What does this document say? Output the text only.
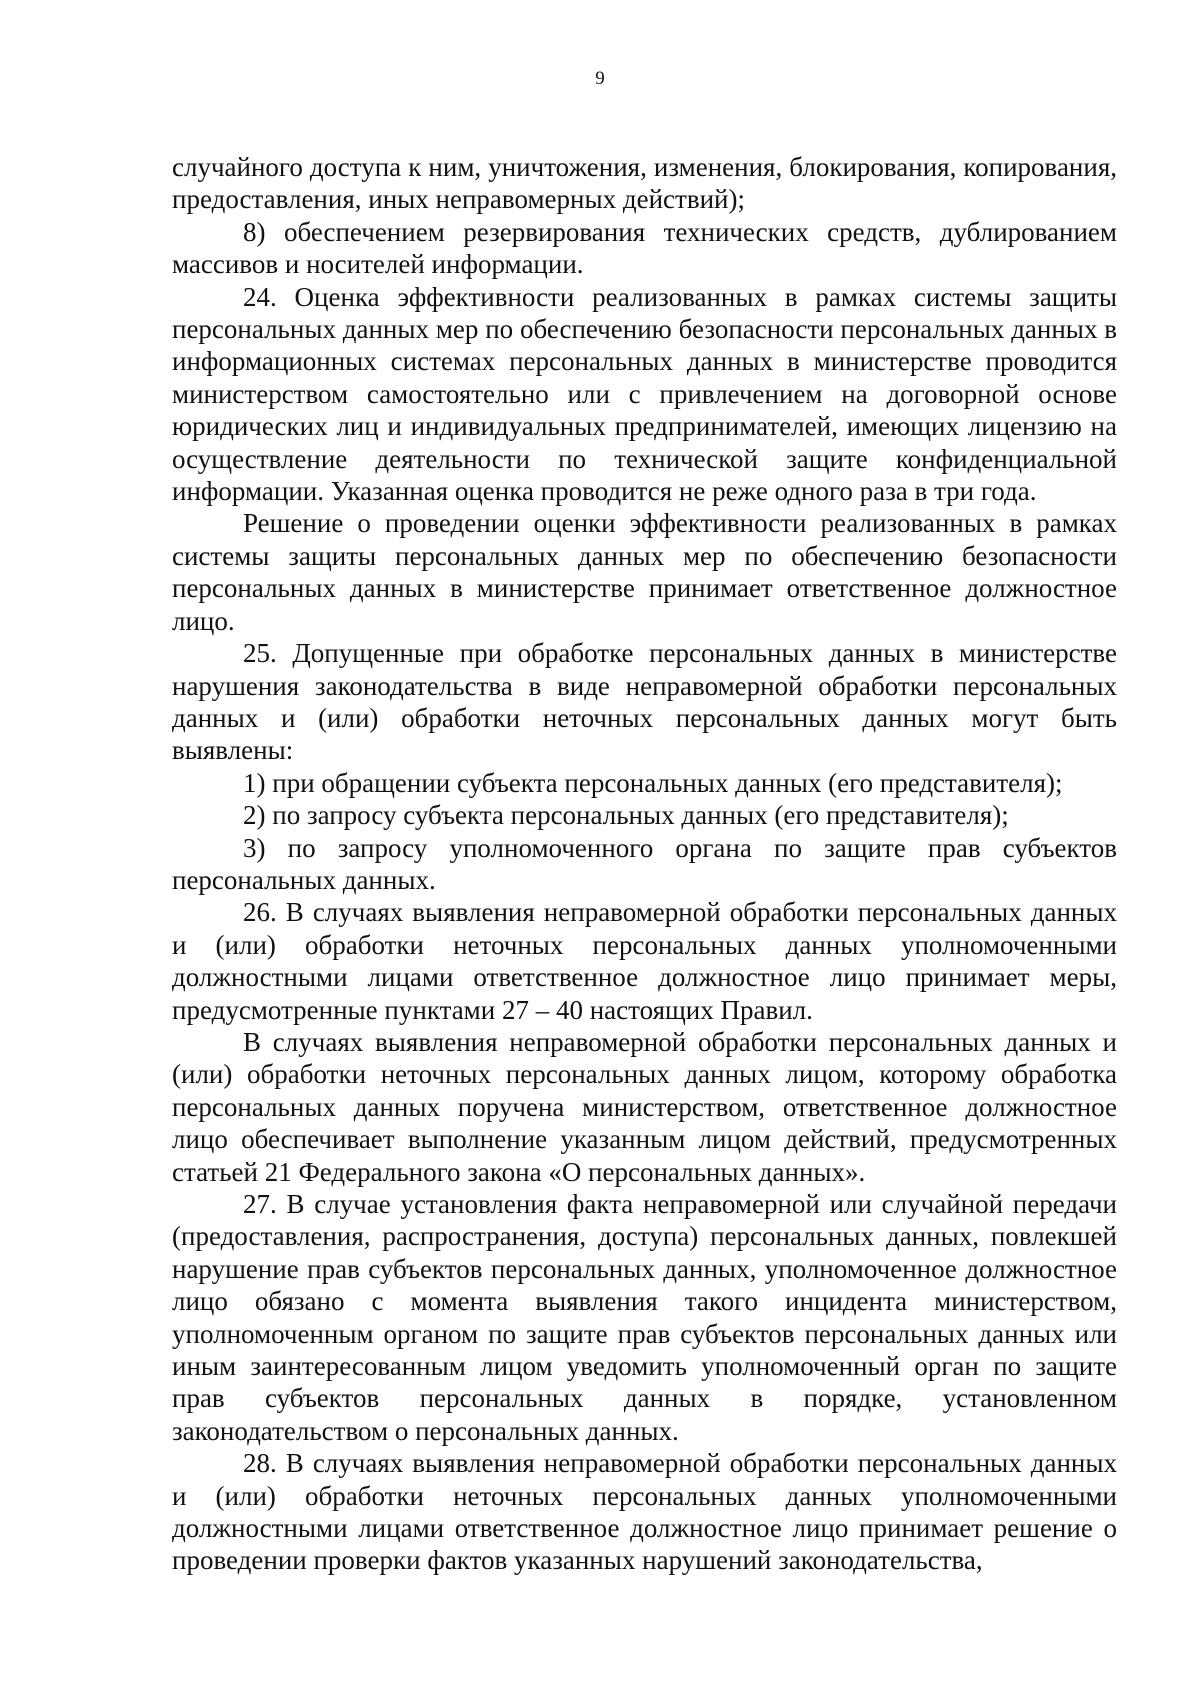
9

случайного доступа к ним, уничтожения, изменения, блокирования, копирования, предоставления, иных неправомерных действий);

8) обеспечением резервирования технических средств, дублированием массивов и носителей информации.

24. Оценка эффективности реализованных в рамках системы защиты персональных данных мер по обеспечению безопасности персональных данных в информационных системах персональных данных в министерстве проводится министерством самостоятельно или с привлечением на договорной основе юридических лиц и индивидуальных предпринимателей, имеющих лицензию на осуществление деятельности по технической защите конфиденциальной информации. Указанная оценка проводится не реже одного раза в три года.

Решение о проведении оценки эффективности реализованных в рамках системы защиты персональных данных мер по обеспечению безопасности персональных данных в министерстве принимает ответственное должностное лицо.

25. Допущенные при обработке персональных данных в министерстве нарушения законодательства в виде неправомерной обработки персональных данных и (или) обработки неточных персональных данных могут быть выявлены:

1) при обращении субъекта персональных данных (его представителя);

2) по запросу субъекта персональных данных (его представителя);

3) по запросу уполномоченного органа по защите прав субъектов персональных данных.

26. В случаях выявления неправомерной обработки персональных данных и (или) обработки неточных персональных данных уполномоченными должностными лицами ответственное должностное лицо принимает меры, предусмотренные пунктами 27 – 40 настоящих Правил.

В случаях выявления неправомерной обработки персональных данных и (или) обработки неточных персональных данных лицом, которому обработка персональных данных поручена министерством, ответственное должностное лицо обеспечивает выполнение указанным лицом действий, предусмотренных статьей 21 Федерального закона «О персональных данных».

27. В случае установления факта неправомерной или случайной передачи (предоставления, распространения, доступа) персональных данных, повлекшей нарушение прав субъектов персональных данных, уполномоченное должностное лицо обязано с момента выявления такого инцидента министерством, уполномоченным органом по защите прав субъектов персональных данных или иным заинтересованным лицом уведомить уполномоченный орган по защите прав субъектов персональных данных в порядке, установленном законодательством о персональных данных.

28. В случаях выявления неправомерной обработки персональных данных и (или) обработки неточных персональных данных уполномоченными должностными лицами ответственное должностное лицо принимает решение о проведении проверки фактов указанных нарушений законодательства,
